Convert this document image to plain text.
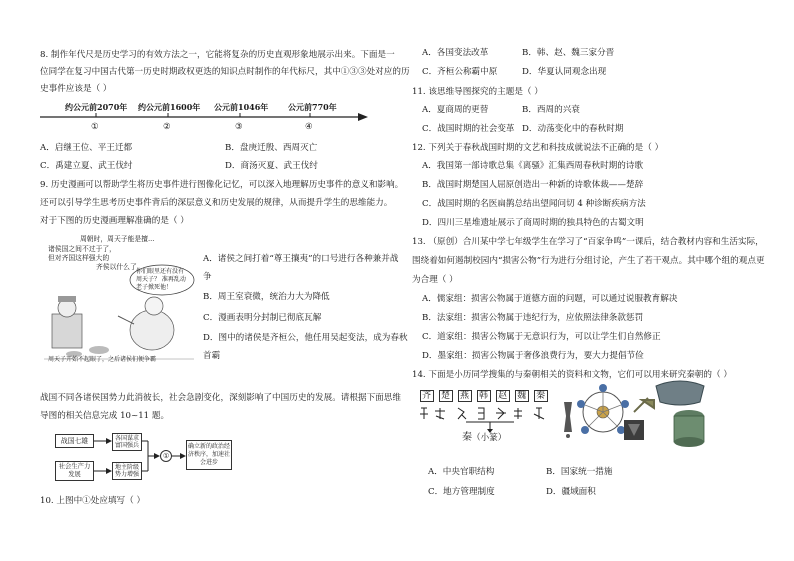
8. 制作年代尺是历史学习的有效方法之一，它能将复杂的历史直观形象地展示出来。下面是一
位同学在复习中国古代第一历史时期政权更迭的知识点时制作的年代标尺，其中①③③处对应的历
史事件应该是（ ）
约公元前2070年 约公元前1600年 公元前1046年 公元前770年
①	②	③	④
A．启继王位、平王迁都	B．盘庚迁殷、西周灭亡
C．禹建立夏、武王伐纣	D．商汤灭夏、武王伐纣
9. 历史漫画可以帮助学生将历史事件进行图像化记忆，可以深入地理解历史事件的意义和影响。
还可以引导学生思考历史事件背后的深层意义和历史发展的规律，从而提升学生的思维能力。
对于下图的历史漫画理解准确的是（ ）
周朝时，周天子能是擅...
诸侯国之间不过于了，
但对齐国这样强大的
齐侯以什么了
你们眼里还有没有周天子？ 准再乱动老子掀死他！
周天子开始不起眼了，之后诸侯们便争霸
A．诸侯之间打着“尊王攘夷”的口号进行各种兼并战
争
B．周王室衰微，统治力大为降低
C．漫画表明分封制已彻底瓦解
D．图中的诸侯是齐桓公，他任用吴起变法，成为春秋
首霸
战国不同各诸侯国势力此消彼长，社会急剧变化，深刻影响了中国历史的发展。请根据下面思维
导图的相关信息完成 10~11 题。
战国七雄	各国谋求富国强兵
社会生产力发展
地主阶级势力增强
①
确立新的政治经济秩序，加速社会进步
10. 上图中①处应填写（ ）
A．各国变法改革	B．韩、赵、魏三家分晋
C．齐桓公称霸中原	D．华夏认同观念出现
11. 该思维导图探究的主题是（ ）
A．夏商周的更替	B．西周的兴衰
C．战国时期的社会变革 D．动荡变化中的春秋时期
12. 下列关于春秋战国时期的文艺和科技成就说法不正确的是（ ）
A．我国第一部诗歌总集《离骚》汇集西周春秋时期的诗歌
B．战国时期楚国人屈原创造出一种新的诗歌体裁——楚辞
C．战国时期的名医扁鹊总结出望闻问切 4 种诊断疾病方法
D．四川三星堆遗址展示了商周时期的独具特色的古蜀文明
13. （原创）合川某中学七年级学生在学习了“百家争鸣”一课后，结合教材内容和生活实际，
围绕着如何遏制校园内“损害公物”行为进行分组讨论，产生了若干观点。其中哪个组的观点更
为合理（ ）
A．儒家组：损害公物属于道德方面的问题，可以通过说服教育解决
B．法家组：损害公物属于违纪行为，应依照法律条款惩罚
C．道家组：损害公物属于无意识行为，可以让学生们自然修正
D．墨家组：损害公物属于奢侈浪费行为，要大力提倡节俭
14. 下面是小历同学搜集的与秦朝相关的资料和文物，它们可以用来研究秦朝的（ ）
齐 楚 燕 韩 赵 魏 秦
秦（小篆）
A．中央官职结构	B．国家统一措施
C．地方管理制度	D．疆域面积
